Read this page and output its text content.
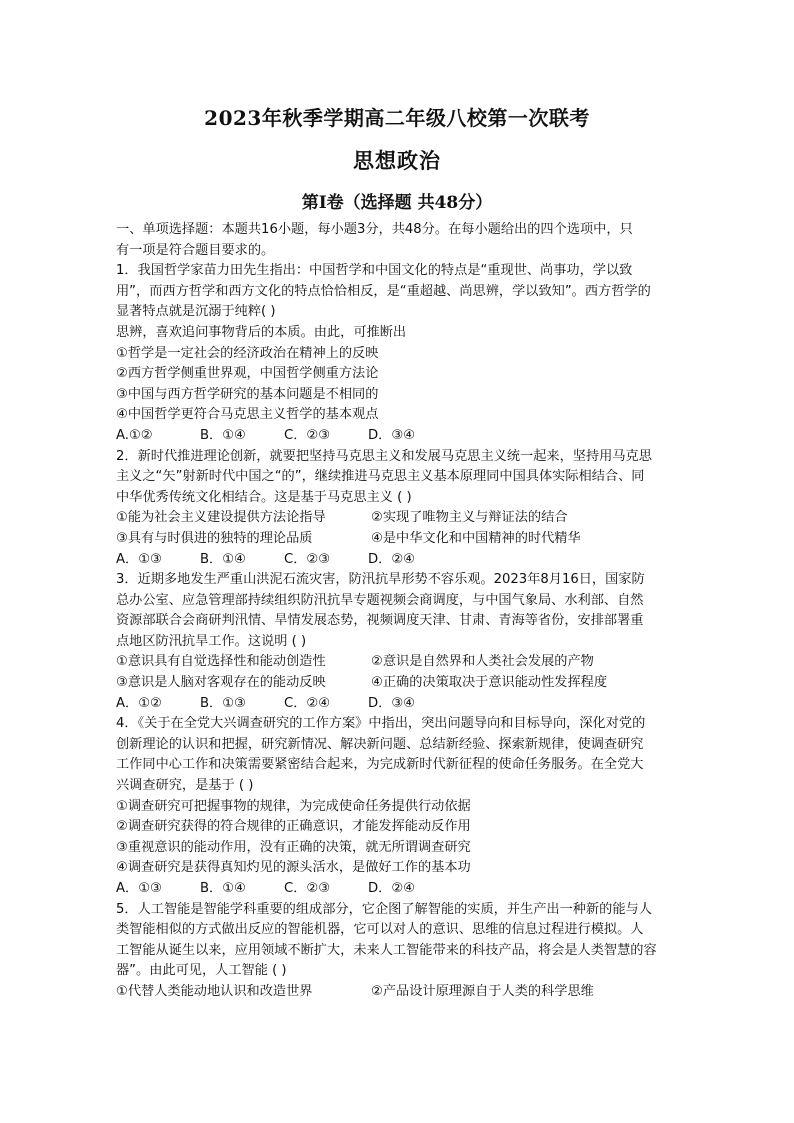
2023年秋季学期高二年级八校第一次联考
思想政治
第Ⅰ卷（选择题 共48分）
一、单项选择题：本题共16小题，每小题3分，共48分。在每小题给出的四个选项中，只
有一项是符合题目要求的。
1．我国哲学家苗力田先生指出：中国哲学和中国文化的特点是“重现世、尚事功，学以致
用”，而西方哲学和西方文化的特点恰恰相反，是“重超越、尚思辨，学以致知”。西方哲学的
显著特点就是沉溺于纯粹( )
思辨，喜欢追问事物背后的本质。由此，可推断出
①哲学是一定社会的经济政治在精神上的反映
②西方哲学侧重世界观，中国哲学侧重方法论
③中国与西方哲学研究的基本问题是不相同的
④中国哲学更符合马克思主义哲学的基本观点
A.①②	B．①④	C．②③	D．③④
2．新时代推进理论创新，就要把坚持马克思主义和发展马克思主义统一起来，坚持用马克思
主义之“矢”射新时代中国之“的”，继续推进马克思主义基本原理同中国具体实际相结合、同
中华优秀传统文化相结合。这是基于马克思主义 ( )
①能为社会主义建设提供方法论指导	②实现了唯物主义与辩证法的结合
③具有与时俱进的独特的理论品质	④是中华文化和中国精神的时代精华
A．①③	B．①④	C．②③	D．②④
3．近期多地发生严重山洪泥石流灾害，防汛抗旱形势不容乐观。2023年8月16日，国家防
总办公室、应急管理部持续组织防汛抗旱专题视频会商调度，与中国气象局、水利部、自然
资源部联合会商研判汛情、旱情发展态势，视频调度天津、甘肃、青海等省份，安排部署重
点地区防汛抗旱工作。这说明 ( )
①意识具有自觉选择性和能动创造性	②意识是自然界和人类社会发展的产物
③意识是人脑对客观存在的能动反映	④正确的决策取决于意识能动性发挥程度
A．①②	B．①③	C．②④	D．③④
4．《关于在全党大兴调查研究的工作方案》中指出，突出问题导向和目标导向，深化对党的
创新理论的认识和把握，研究新情况、解决新问题、总结新经验、探索新规律，使调查研究
工作同中心工作和决策需要紧密结合起来，为完成新时代新征程的使命任务服务。在全党大
兴调查研究，是基于 ( )
①调查研究可把握事物的规律，为完成使命任务提供行动依据
②调查研究获得的符合规律的正确意识，才能发挥能动反作用
③重视意识的能动作用，没有正确的决策，就无所谓调查研究
④调查研究是获得真知灼见的源头活水，是做好工作的基本功
A．①③	B．①④	C．②③	D．②④
5．人工智能是智能学科重要的组成部分，它企图了解智能的实质，并生产出一种新的能与人
类智能相似的方式做出反应的智能机器，它可以对人的意识、思维的信息过程进行模拟。人
工智能从诞生以来，应用领域不断扩大，未来人工智能带来的科技产品，将会是人类智慧的容
器”。由此可见，人工智能 ( )
①代替人类能动地认识和改造世界	②产品设计原理源自于人类的科学思维
